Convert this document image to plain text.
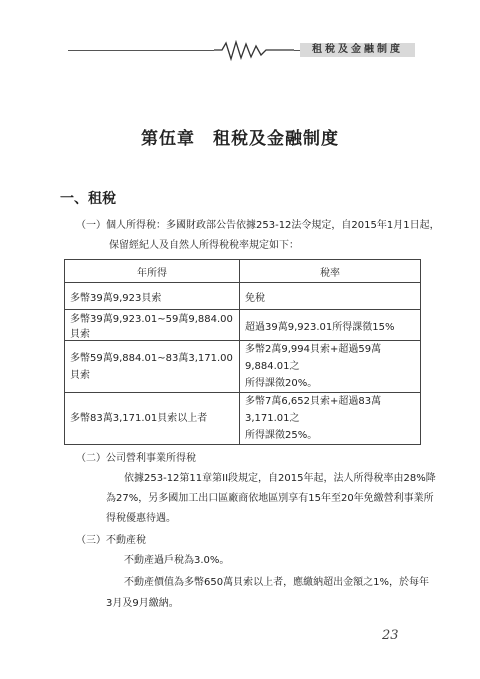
租稅及金融制度
第伍章　租稅及金融制度
一、租稅
（一）個人所得稅：多國財政部公告依據253-12法令規定，自2015年1月1日起，
保留經紀人及自然人所得稅稅率規定如下：
年所得	稅率
多幣39萬9,923貝索	免稅
多幣39萬9,923.01~59萬9,884.00貝索	超過39萬9,923.01所得課徵15%
多幣59萬9,884.01~83萬3,171.00貝索	多幣2萬9,994貝索+超過59萬9,884.01之
所得課徵20%。

多幣83萬3,171.01貝索以上者	多幣7萬6,652貝索+超過83萬3,171.01之
所得課徵25%。
（二）公司營利事業所得稅
依據253-12第11章第II段規定，自2015年起，法人所得稅率由28%降
為27%，另多國加工出口區廠商依地區別享有15年至20年免繳營利事業所
得稅優惠待遇。
（三）不動產稅
不動產過戶稅為3.0%。
不動產價值為多幣650萬貝索以上者，應繳納超出金額之1%，於每年
3月及9月繳納。
23
